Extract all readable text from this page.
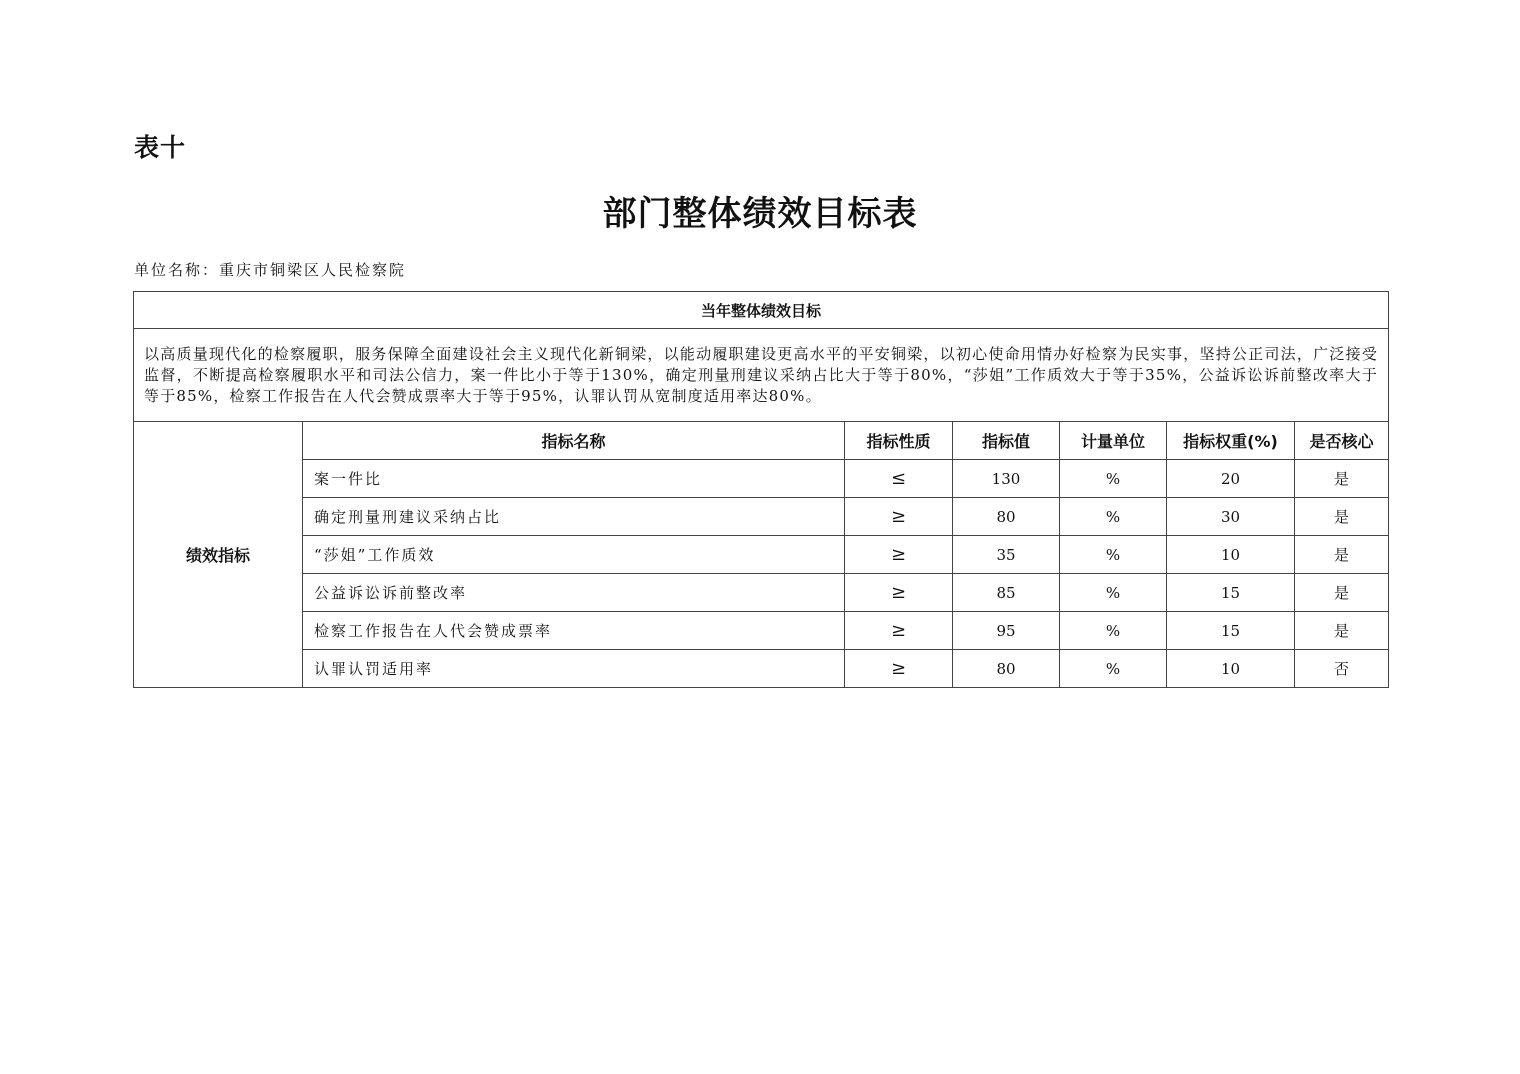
表十
部门整体绩效目标表
单位名称：重庆市铜梁区人民检察院
当年整体绩效目标						
以高质量现代化的检察履职，服务保障全面建设社会主义现代化新铜梁，以能动履职建设更高水平的平安铜梁，以初心使命用情办好检察为民实事，坚持公正司法，广泛接受监督，不断提高检察履职水平和司法公信力，案一件比小于等于130%，确定刑量刑建议采纳占比大于等于80%，“莎姐”工作质效大于等于35%，公益诉讼诉前整改率大于等于85%，检察工作报告在人代会赞成票率大于等于95%，认罪认罚从宽制度适用率达80%。						
绩效指标	指标名称	指标性质	指标值	计量单位	指标权重(%)	是否核心
	案一件比	≤	130	%	20	是
	确定刑量刑建议采纳占比	≥	80	%	30	是
	“莎姐”工作质效	≥	35	%	10	是
	公益诉讼诉前整改率	≥	85	%	15	是
	检察工作报告在人代会赞成票率	≥	95	%	15	是
	认罪认罚适用率	≥	80	%	10	否
